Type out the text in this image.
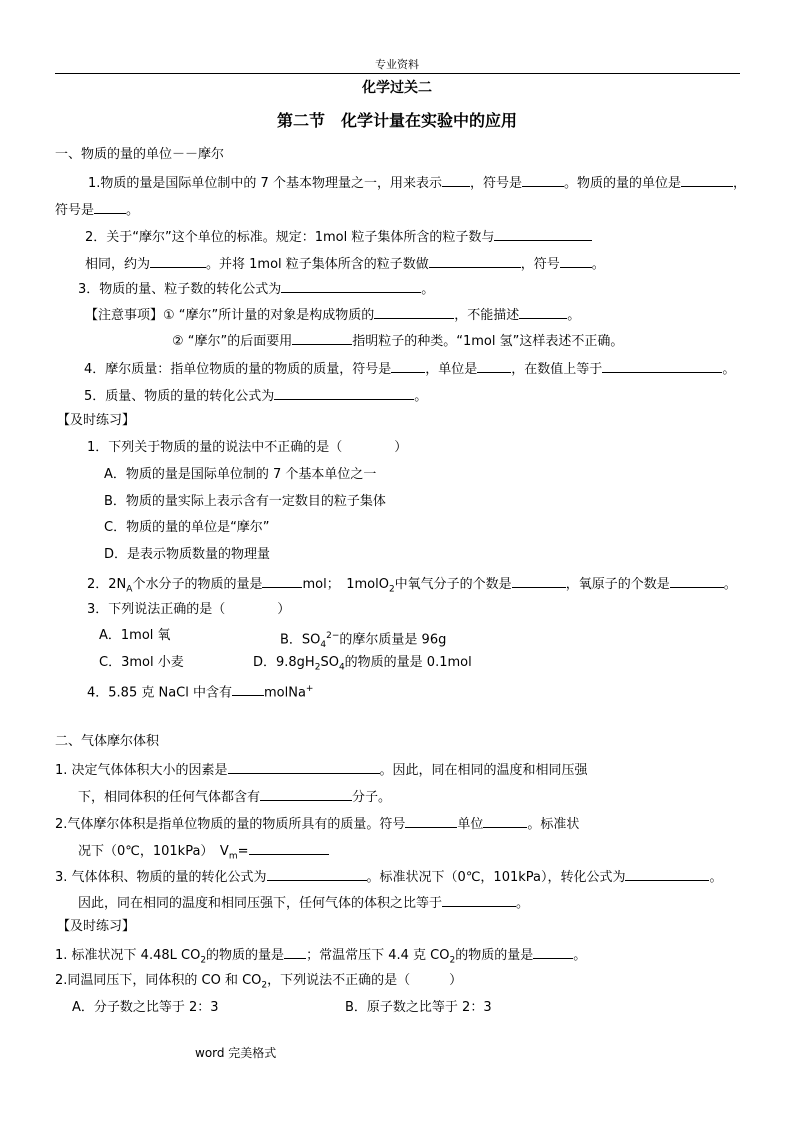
专业资料
化学过关二
第二节　化学计量在实验中的应用
一、物质的量的单位－－摩尔
1.物质的量是国际单位制中的 7 个基本物理量之一，用来表示 ，符号是	。物质的量的单位是	，
符号是 。
2．关于“摩尔”这个单位的标准。规定：1mol 粒子集体所含的粒子数与
相同，约为	。并将 1mol 粒子集体所含的粒子数做	，符号 。
3．物质的量、粒子数的转化公式为	。
【注意事项】① “摩尔”所计量的对象是构成物质的	，不能描述	。
② “摩尔”的后面要用	指明粒子的种类。“1mol 氢”这样表述不正确。
4．摩尔质量：指单位物质的量的物质的质量，符号是	，单位是	，在数值上等于	。
5．质量、物质的量的转化公式为	。
【及时练习】
1．下列关于物质的量的说法中不正确的是（　　　　）
A．物质的量是国际单位制的 7 个基本单位之一
B．物质的量实际上表示含有一定数目的粒子集体
C．物质的量的单位是“摩尔”
D．是表示物质数量的物理量
2．$2N_A$个水分子的物质的量是	mol；　1molO$_2$中氧气分子的个数是	，氧原子的个数是	。
3．下列说法正确的是（　　　　）
A．1mol 氧	B．$SO_4^{2-}$的摩尔质量是 96g
C．3mol 小麦	D．$9.8gH_2SO_4$的物质的量是 0.1mol
4．5.85 克 NaCl 中含有 molNa+
二、气体摩尔体积
1. 决定气体体积大小的因素是	。因此，同在相同的温度和相同压强
下，相同体积的任何气体都含有	分子。
2.气体摩尔体积是指单位物质的量的物质所具有的质量。符号	单位	。标准状
况下（0℃，101kPa）　$V_m=$
3. 气体体积、物质的量的转化公式为	。标准状况下（0℃，101kPa），转化公式为	。
因此，同在相同的温度和相同压强下，任何气体的体积之比等于	。
【及时练习】
1. 标准状况下 4.48L $CO_2$的物质的量是 ；常温常压下 4.4 克 $CO_2$的物质的量是	。
2.同温同压下，同体积的 CO 和 $CO_2$，下列说法不正确的是（　　　）
A．分子数之比等于 2：3	B．原子数之比等于 2：3
word 完美格式
